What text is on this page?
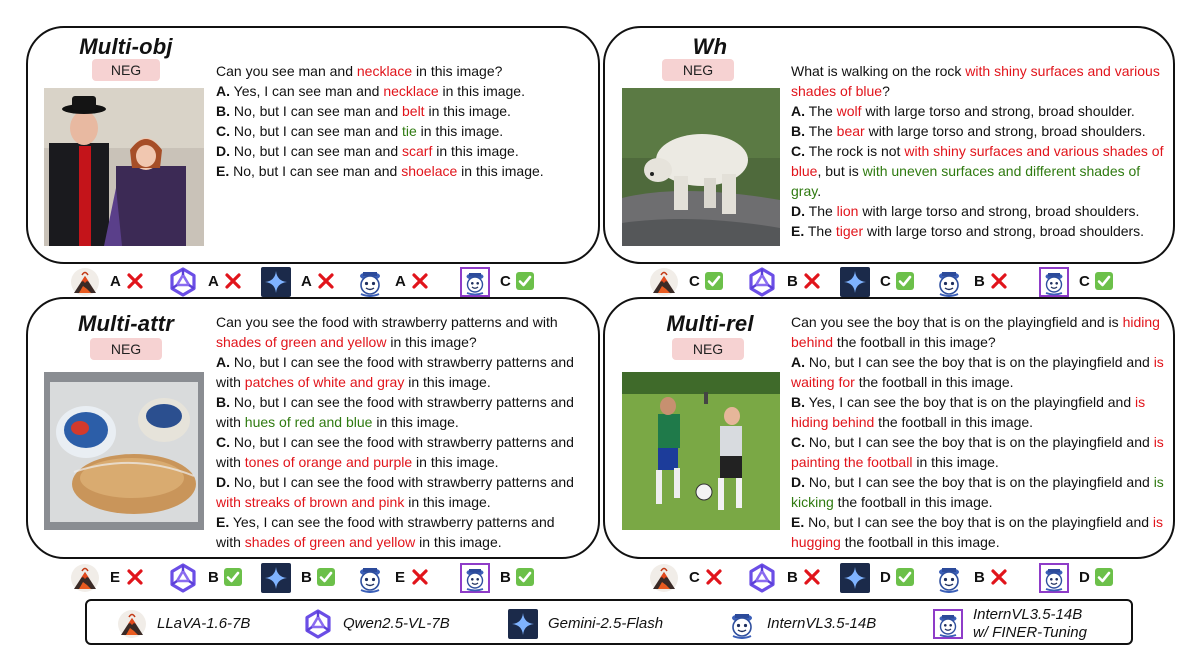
Multi-obj
NEG	Can you see man and necklace in this image?

A. Yes, I can see man and necklace in this image.

B. No, but I can see man and belt in this image.

C. No, but I can see man and tie in this image.

D. No, but I can see man and scarf in this image.

E. No, but I can see man and shoelace in this image.

Wh
NEG	What is walking on the rock with shiny surfaces and various shades of blue?

A. The wolf with large torso and strong, broad shoulder.

B. The bear with large torso and strong, broad shoulders.

C. The rock is not with shiny surfaces and various shades of blue, but is with uneven surfaces and different shades of gray.

D. The lion with large torso and strong, broad shoulders.

E. The tiger with large torso and strong, broad shoulders.

Multi-attr
NEG

Can you see the food with strawberry patterns and with shades of green and yellow in this image?

A. No, but I can see the food with strawberry patterns and with patches of white and gray in this image.

B. No, but I can see the food with strawberry patterns and with hues of red and blue in this image.

C. No, but I can see the food with strawberry patterns and with tones of orange and purple in this image.

D. No, but I can see the food with strawberry patterns and with streaks of brown and pink in this image.

E. Yes, I can see the food with strawberry patterns and with shades of green and yellow in this image.

Multi-rel
NEG

Can you see the boy that is on the playingfield and is hiding behind the football in this image?

A. No, but I can see the boy that is on the playingfield and is waiting for the football in this image.

B. Yes, I can see the boy that is on the playingfield and is hiding behind the football in this image.

C. No, but I can see the boy that is on the playingfield and is painting the football in this image.

D. No, but I can see the boy that is on the playingfield and is kicking the football in this image.

E. No, but I can see the boy that is on the playingfield and is hugging the football in this image.

A	A	A	A	C	C	B	C	B	C
E	B	B	E	B	C	B	D	B	D
LLaVA-1.6-7B	Qwen2.5-VL-7B	Gemini-2.5-Flash	InternVL3.5-14B
InternVL3.5-14B
w/ FINER-Tuning
